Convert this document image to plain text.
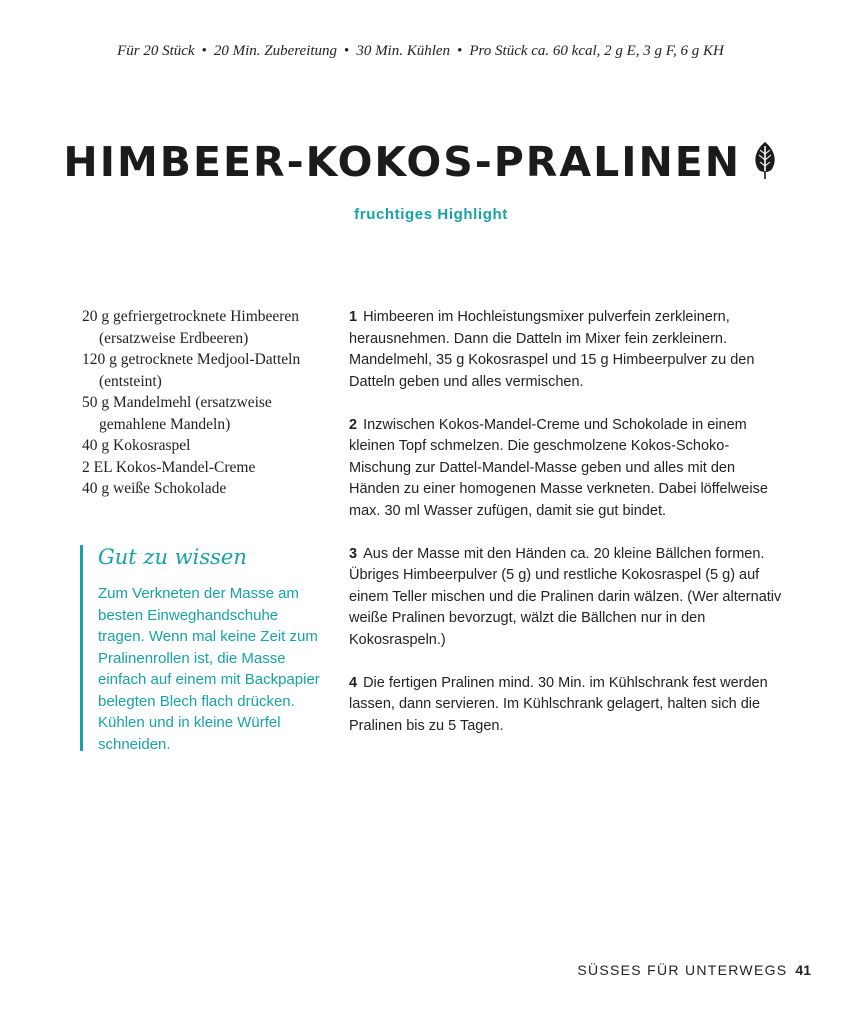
Für 20 Stück • 20 Min. Zubereitung • 30 Min. Kühlen • Pro Stück ca. 60 kcal, 2 g E, 3 g F, 6 g KH
HIMBEER-KOKOS-PRALINEN
fruchtiges Highlight
20 g gefriergetrocknete Himbeeren (ersatzweise Erdbeeren)
120 g getrocknete Medjool-Datteln (entsteint)
50 g Mandelmehl (ersatzweise gemahlene Mandeln)
40 g Kokosraspel
2 EL Kokos-Mandel-Creme
40 g weiße Schokolade
Gut zu wissen
Zum Verkneten der Masse am besten Einweghandschuhe tragen. Wenn mal keine Zeit zum Pralinenrollen ist, die Masse einfach auf einem mit Backpapier belegten Blech flach drücken. Kühlen und in kleine Würfel schneiden.

1 Himbeeren im Hochleistungsmixer pulverfein zerkleinern, herausnehmen. Dann die Datteln im Mixer fein zerkleinern. Mandelmehl, 35 g Kokosraspel und 15 g Himbeerpulver zu den Datteln geben und alles vermischen.

2 Inzwischen Kokos-Mandel-Creme und Schokolade in einem kleinen Topf schmelzen. Die geschmolzene Kokos-Schoko-Mischung zur Dattel-Mandel-Masse geben und alles mit den Händen zu einer homogenen Masse verkneten. Dabei löffelweise max. 30 ml Wasser zufügen, damit sie gut bindet.

3 Aus der Masse mit den Händen ca. 20 kleine Bällchen formen. Übriges Himbeerpulver (5 g) und restliche Kokosraspel (5 g) auf einem Teller mischen und die Pralinen darin wälzen. (Wer alternativ weiße Pralinen bevorzugt, wälzt die Bällchen nur in den Kokosraspeln.)

4 Die fertigen Pralinen mind. 30 Min. im Kühlschrank fest werden lassen, dann servieren. Im Kühlschrank gelagert, halten sich die Pralinen bis zu 5 Tagen.

SÜSSES FÜR UNTERWEGS 41
